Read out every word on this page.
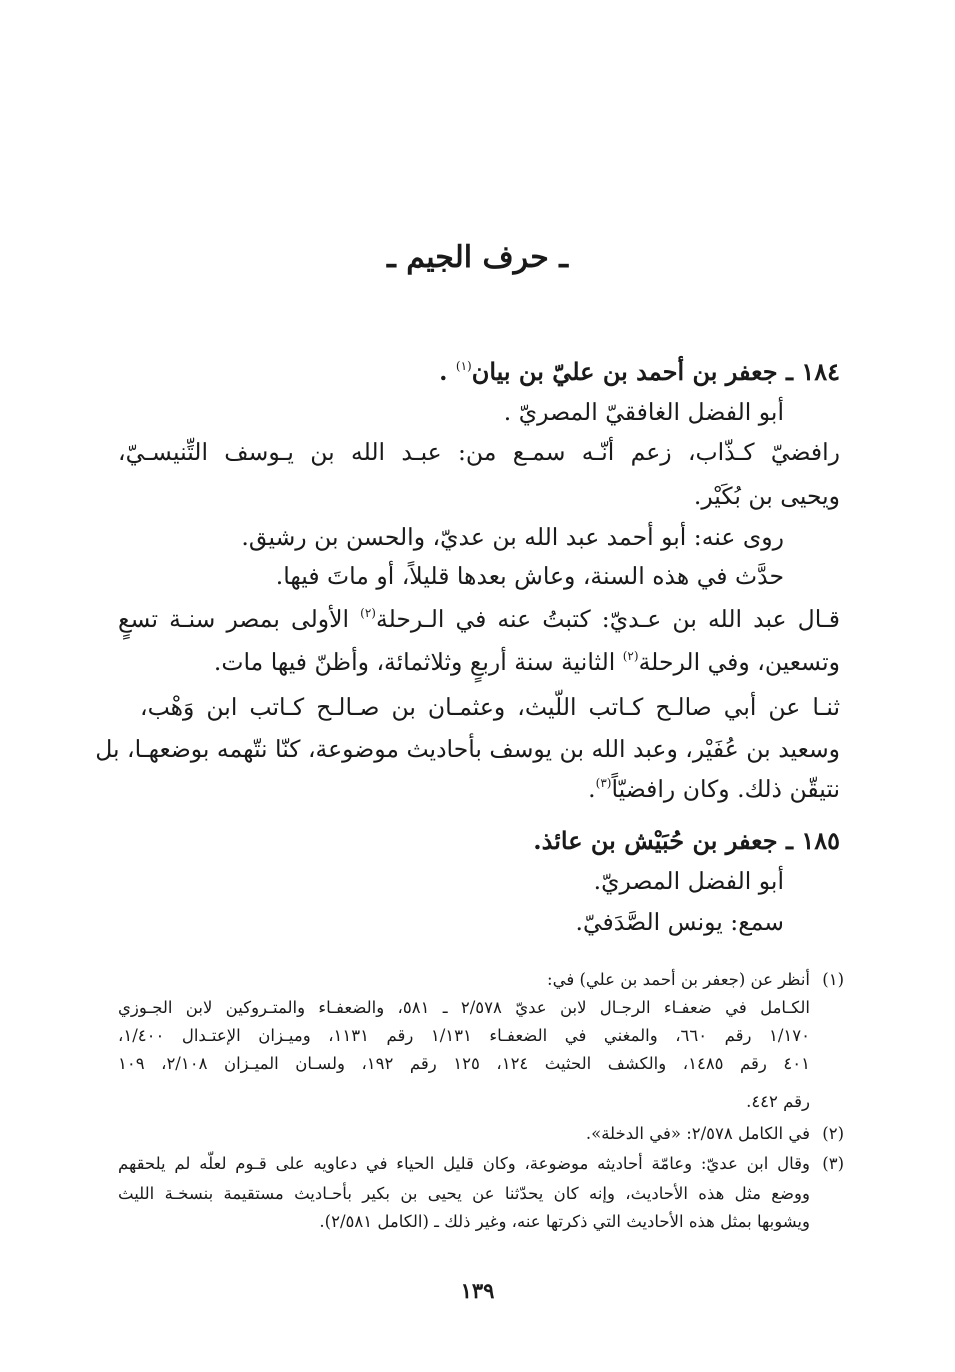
ـ حرف الجيم ـ
١٨٤ ـ جعفر بن أحمد بن عليّ بن بيان$^{(١)}$ .
أبو الفضل الغافقيّ المصريّ .
رافضيّ كـذّاب، زعم أنّـه سمـع من: عبـد الله بن يـوسف التِّنيسـيّ،
ويحيى بن بُكَيْر.
روى عنه: أبو أحمد عبد الله بن عديّ، والحسن بن رشيق.
حدَّث في هذه السنة، وعاش بعدها قليلاً، أو ماتَ فيها.
قـال عبد الله بن عـديّ: كتبتُ عنه في الـرحلة$^{(٢)}$ الأولى بمصر سنـة تسعٍ
وتسعين، وفي الرحلة$^{(٢)}$ الثانية سنة أربعٍ وثلاثمائة، وأظنّ فيها مات.
ثنـا عن أبي صالـح كـاتب اللّيث، وعثمـان بن صـالـح كـاتب ابن وَهْب،
وسعيد بن عُفَيْر، وعبد الله بن يوسف بأحاديث موضوعة، كنّا نتّهمه بوضعهـا، بل
نتيقّن ذلك. وكان رافضيّاً$^{(٣)}$.
١٨٥ ـ جعفر بن حُبَيْش بن عائذ.
أبو الفضل المصريّ.
سمع: يونس الصَّدَفيّ.
(١)
أنظر عن (جعفر بن أحمد بن علي) في:
الكـامل في ضعفـاء الرجـال لابن عديّ ٢/٥٧٨ ـ ٥٨١، والضعفـاء والمتـروكين لابن الجـوزي
١/١٧٠ رقم ٦٦٠، والمغني في الضعفـاء ١/١٣١ رقم ١١٣١، وميـزان الإعتـدال ١/٤٠٠،
٤٠١ رقم ١٤٨٥، والكشف الحثيث ١٢٤، ١٢٥ رقم ١٩٢، ولسـان الميـزان ٢/١٠٨، ١٠٩
رقم ٤٤٢.
(٢)
في الكامل ٢/٥٧٨: «في الدخلة».
(٣)
وقال ابن عديّ: وعامّة أحاديثه موضوعة، وكان قليل الحياء في دعاويه على قـوم لعلّه لم يلحقهم
ووضع مثل هذه الأحاديث، وإنه كان يحدّثنا عن يحيى بن بكير بأحـاديث مستقيمة بنسخـة الليث
ويشوبها بمثل هذه الأحاديث التي ذكرتها عنه، وغير ذلك ـ (الكامل ٢/٥٨١).
١٣٩
